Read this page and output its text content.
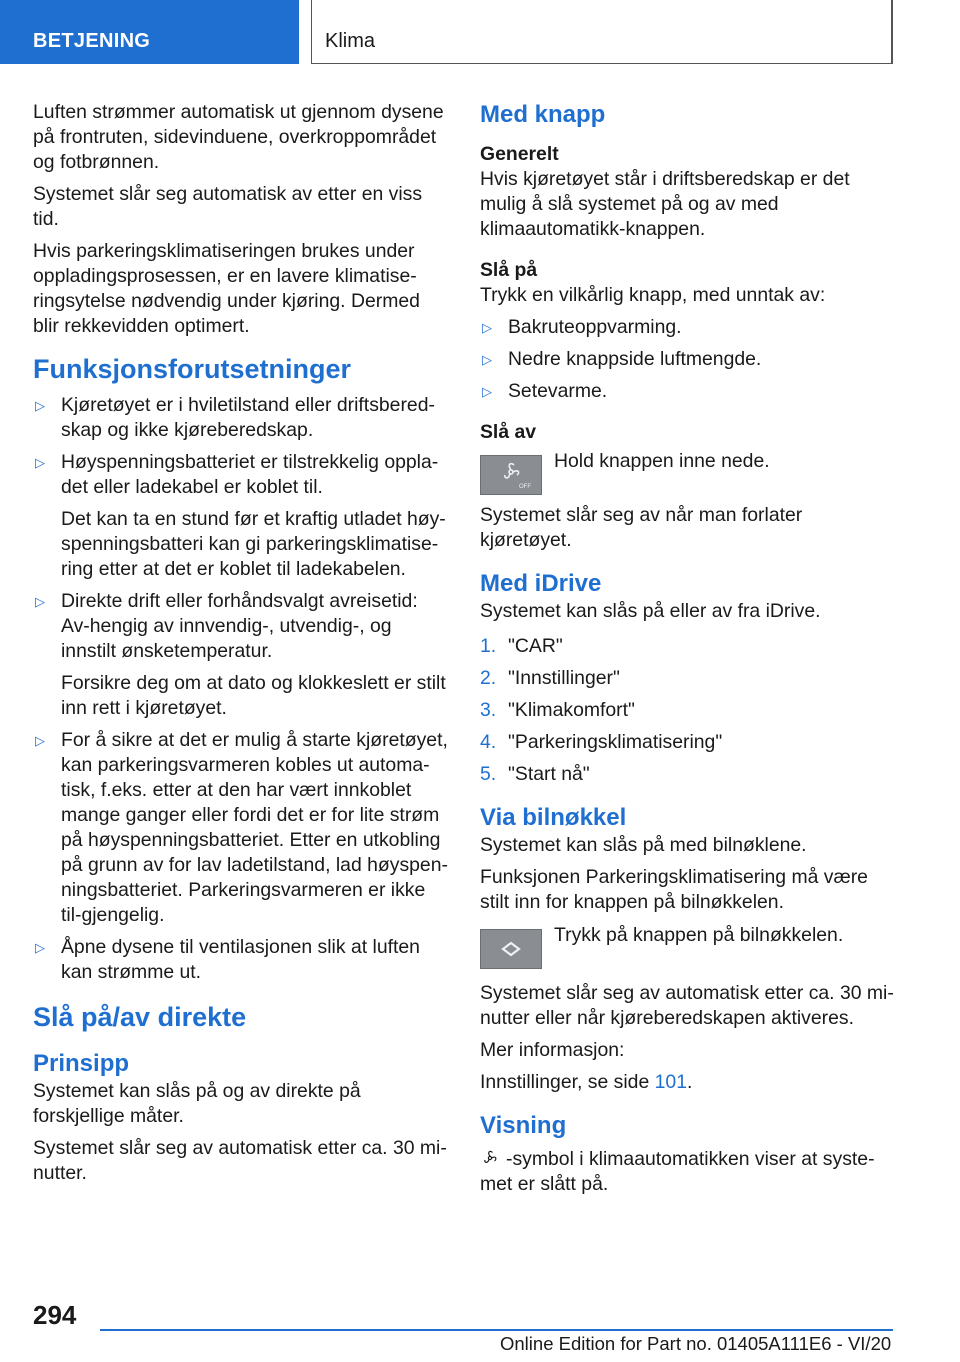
BETJENING	Klima

Luften strømmer automatisk ut gjennom dysene på frontruten, sidevinduene, overkroppområdet og fotbrønnen.

Systemet slår seg automatisk av etter en viss tid.

Hvis parkeringsklimatiseringen brukes under oppladingsprosessen, er en lavere klimatise-ringsytelse nødvendig under kjøring. Dermed blir rekkevidden optimert.

Funksjonsforutsetninger
▷ Kjøretøyet er i hviletilstand eller driftsbered-skap og ikke kjøreberedskap.
▷ Høyspenningsbatteriet er tilstrekkelig oppla-det eller ladekabel er koblet til.

Det kan ta en stund før et kraftig utladet høy-spenningsbatteri kan gi parkeringsklimatise-ring etter at det er koblet til ladekabelen.

▷ Direkte drift eller forhåndsvalgt avreisetid: Av-hengig av innvendig-, utvendig-, og innstilt ønsketemperatur.

Forsikre deg om at dato og klokkeslett er stilt inn rett i kjøretøyet.

▷ For å sikre at det er mulig å starte kjøretøyet, kan parkeringsvarmeren kobles ut automa-tisk, f.eks. etter at den har vært innkoblet mange ganger eller fordi det er for lite strøm på høyspenningsbatteriet. Etter en utkobling på grunn av for lav ladetilstand, lad høyspen-ningsbatteriet. Parkeringsvarmeren er ikke til-gjengelig.
▷ Åpne dysene til ventilasjonen slik at luften kan strømme ut.
Slå på/av direkte
Prinsipp

Systemet kan slås på og av direkte på forskjellige måter.

Systemet slår seg av automatisk etter ca. 30 mi-nutter.

Med knapp
Generelt

Hvis kjøretøyet står i driftsberedskap er det mulig å slå systemet på og av med klimaautomatikk-knappen.

Slå på

Trykk en vilkårlig knapp, med unntak av:

▷ Bakruteoppvarming.
▷ Nedre knappside luftmengde.
▷ Setevarme.
Slå av
OFF
Hold knappen inne nede.

Systemet slår seg av når man forlater kjøretøyet.

Med iDrive

Systemet kan slås på eller av fra iDrive.

1. "CAR"
2. "Innstillinger"
3. "Klimakomfort"
4. "Parkeringsklimatisering"
5. "Start nå"
Via bilnøkkel

Systemet kan slås på med bilnøklene.

Funksjonen Parkeringsklimatisering må være stilt inn for knappen på bilnøkkelen.

Trykk på knappen på bilnøkkelen.

Systemet slår seg av automatisk etter ca. 30 mi-nutter eller når kjøreberedskapen aktiveres.

Mer informasjon:

Innstillinger, se side 101.

Visning

-symbol i klimaautomatikken viser at syste-met er slått på.

294
Online Edition for Part no. 01405A111E6 - VI/20
